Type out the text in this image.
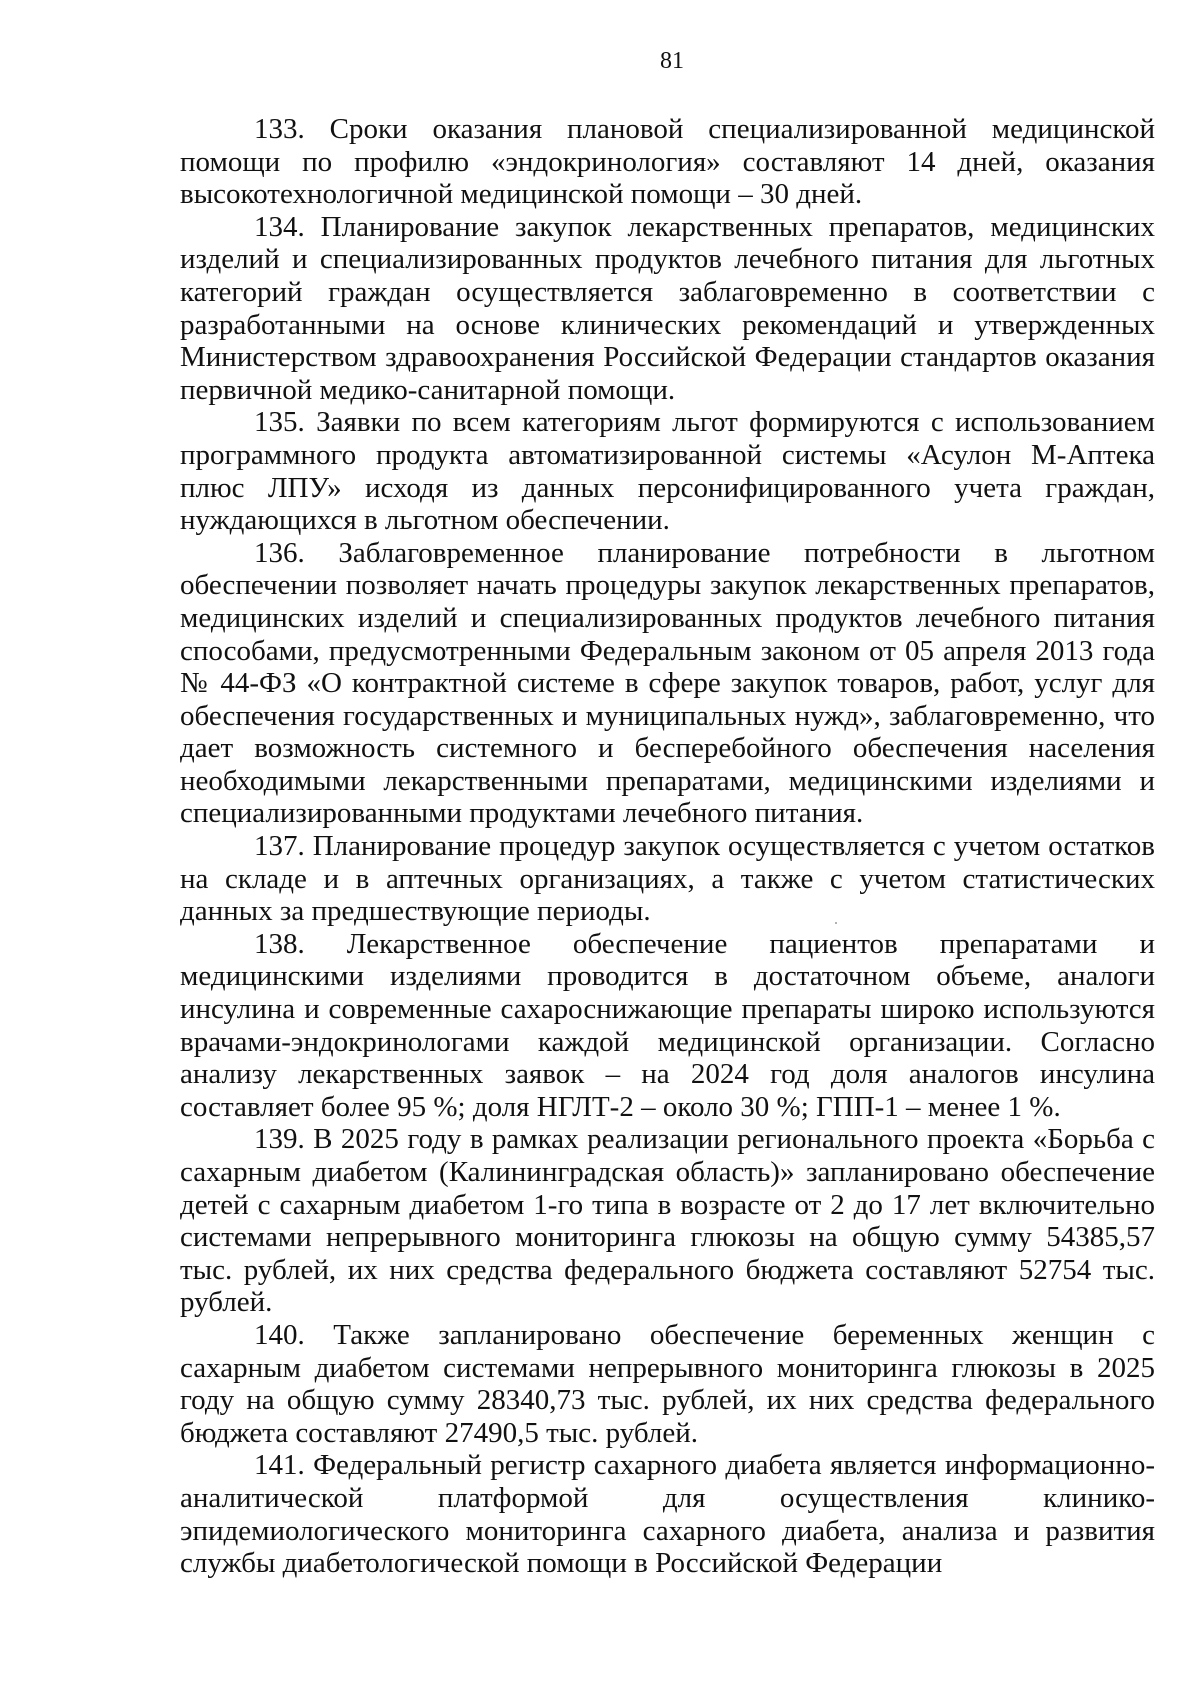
81

133. Сроки оказания плановой специализированной медицинской помощи по профилю «эндокринология» составляют 14 дней, оказания высокотехнологичной медицинской помощи – 30 дней.

134. Планирование закупок лекарственных препаратов, медицинских изделий и специализированных продуктов лечебного питания для льготных категорий граждан осуществляется заблаговременно в соответствии с разработанными на основе клинических рекомендаций и утвержденных Министерством здравоохранения Российской Федерации стандартов оказания первичной медико-санитарной помощи.

135. Заявки по всем категориям льгот формируются с использованием программного продукта автоматизированной системы «Асулон М-Аптека плюс ЛПУ» исходя из данных персонифицированного учета граждан, нуждающихся в льготном обеспечении.

136. Заблаговременное планирование потребности в льготном обеспечении позволяет начать процедуры закупок лекарственных препаратов, медицинских изделий и специализированных продуктов лечебного питания способами, предусмотренными Федеральным законом от 05 апреля 2013 года № 44-ФЗ «О контрактной системе в сфере закупок товаров, работ, услуг для обеспечения государственных и муниципальных нужд», заблаговременно, что дает возможность системного и бесперебойного обеспечения населения необходимыми лекарственными препаратами, медицинскими изделиями и специализированными продуктами лечебного питания.

137. Планирование процедур закупок осуществляется с учетом остатков на складе и в аптечных организациях, а также с учетом статистических данных за предшествующие периоды.

138. Лекарственное обеспечение пациентов препаратами и медицинскими изделиями проводится в достаточном объеме, аналоги инсулина и современные сахароснижающие препараты широко используются врачами-эндокринологами каждой медицинской организации. Согласно анализу лекарственных заявок – на 2024 год доля аналогов инсулина составляет более 95 %; доля НГЛТ-2 – около 30 %; ГПП-1 – менее 1 %.

139. В 2025 году в рамках реализации регионального проекта «Борьба с сахарным диабетом (Калининградская область)» запланировано обеспечение детей с сахарным диабетом 1-го типа в возрасте от 2 до 17 лет включительно системами непрерывного мониторинга глюкозы на общую сумму 54385,57 тыс. рублей, их них средства федерального бюджета составляют 52754 тыс. рублей.

140. Также запланировано обеспечение беременных женщин с сахарным диабетом системами непрерывного мониторинга глюкозы в 2025 году на общую сумму 28340,73 тыс. рублей, их них средства федерального бюджета составляют 27490,5 тыс. рублей.

141. Федеральный регистр сахарного диабета является информационно-аналитической платформой для осуществления клинико-эпидемиологического мониторинга сахарного диабета, анализа и развития службы диабетологической помощи в Российской Федерации
